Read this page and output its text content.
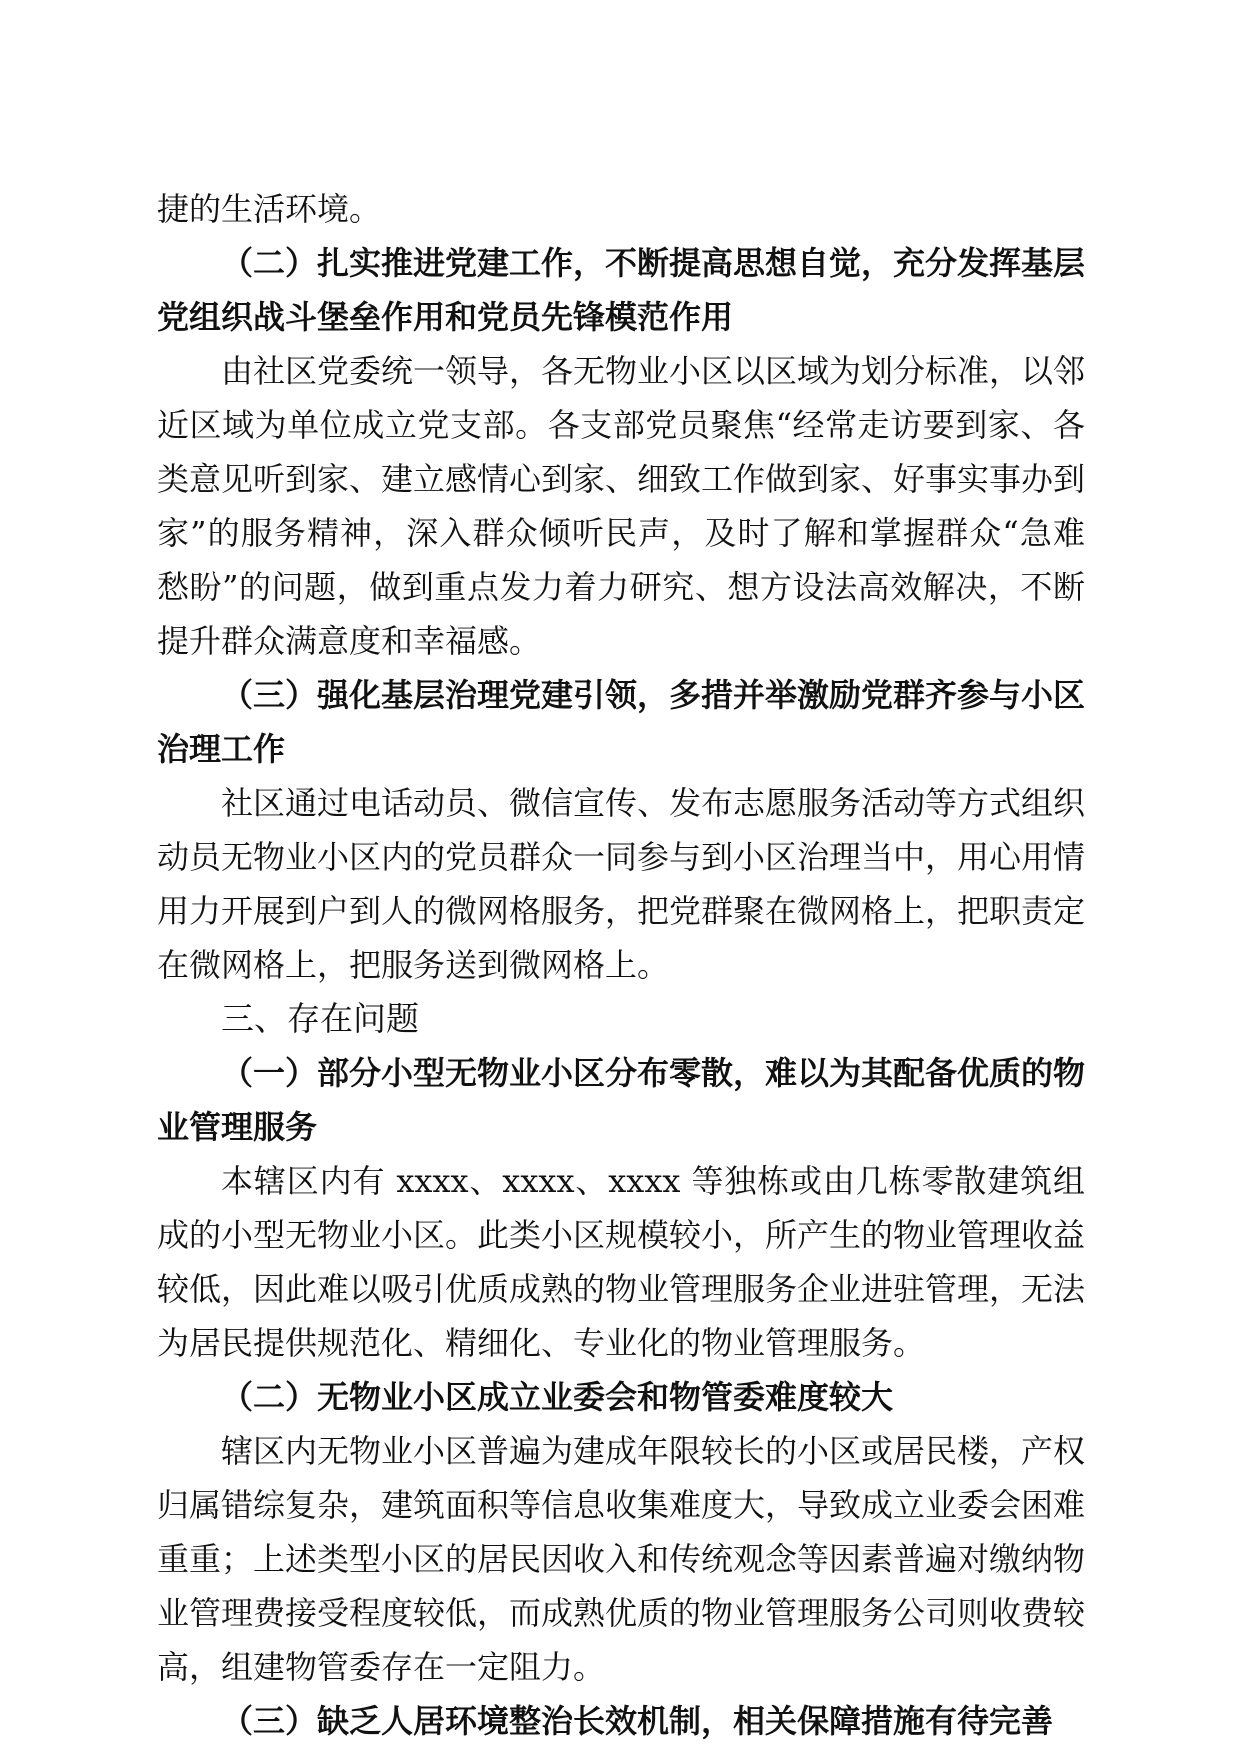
捷的生活环境。

（二）扎实推进党建工作，不断提高思想自觉，充分发挥基层党组织战斗堡垒作用和党员先锋模范作用

由社区党委统一领导，各无物业小区以区域为划分标准，以邻近区域为单位成立党支部。各支部党员聚焦“经常走访要到家、各类意见听到家、建立感情心到家、细致工作做到家、好事实事办到家”的服务精神，深入群众倾听民声，及时了解和掌握群众“急难愁盼”的问题，做到重点发力着力研究、想方设法高效解决，不断提升群众满意度和幸福感。

（三）强化基层治理党建引领，多措并举激励党群齐参与小区治理工作

社区通过电话动员、微信宣传、发布志愿服务活动等方式组织动员无物业小区内的党员群众一同参与到小区治理当中，用心用情用力开展到户到人的微网格服务，把党群聚在微网格上，把职责定在微网格上，把服务送到微网格上。

三、存在问题

（一）部分小型无物业小区分布零散，难以为其配备优质的物业管理服务

本辖区内有 xxxx、xxxx、xxxx 等独栋或由几栋零散建筑组成的小型无物业小区。此类小区规模较小，所产生的物业管理收益较低，因此难以吸引优质成熟的物业管理服务企业进驻管理，无法为居民提供规范化、精细化、专业化的物业管理服务。

（二）无物业小区成立业委会和物管委难度较大

辖区内无物业小区普遍为建成年限较长的小区或居民楼，产权归属错综复杂，建筑面积等信息收集难度大，导致成立业委会困难重重；上述类型小区的居民因收入和传统观念等因素普遍对缴纳物业管理费接受程度较低，而成熟优质的物业管理服务公司则收费较高，组建物管委存在一定阻力。

（三）缺乏人居环境整治长效机制，相关保障措施有待完善
